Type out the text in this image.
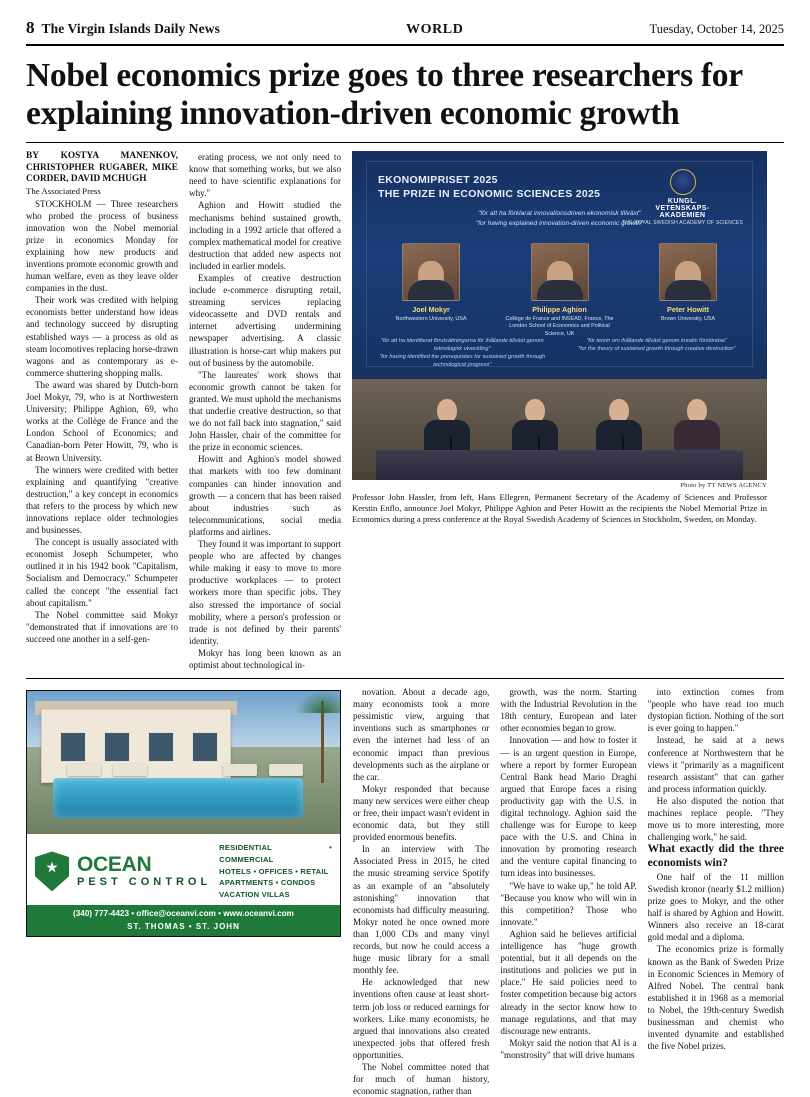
8 The Virgin Islands Daily News	WORLD	Tuesday, October 14, 2025
Nobel economics prize goes to three researchers for explaining innovation-driven economic growth

BY KOSTYA MANENKOV, CHRISTOPHER RUGABER, MIKE CORDER, DAVID MCHUGH

The Associated Press

STOCKHOLM — Three researchers who probed the process of business innovation won the Nobel memorial prize in economics Monday for explaining how new products and inventions promote economic growth and human welfare, even as they leave older companies in the dust.

Their work was credited with helping economists better understand how ideas and technology succeed by disrupting established ways — a process as old as steam locomotives replacing horse-drawn wagons and as contemporary as e-commerce shuttering shopping malls.

The award was shared by Dutch-born Joel Mokyr, 79, who is at Northwestern University; Philippe Aghion, 69, who works at the Collège de France and the London School of Economics; and Canadian-born Peter Howitt, 79, who is at Brown University.

The winners were credited with better explaining and quantifying "creative destruction," a key concept in economics that refers to the process by which new innovations replace older technologies and businesses.

The concept is usually associated with economist Joseph Schumpeter, who outlined it in his 1942 book "Capitalism, Socialism and Democracy." Schumpeter called the concept "the essential fact about capitalism."

The Nobel committee said Mokyr "demonstrated that if innovations are to succeed one another in a self-gen-

erating process, we not only need to know that something works, but we also need to have scientific explanations for why."

Aghion and Howitt studied the mechanisms behind sustained growth, including in a 1992 article that offered a complex mathematical model for creative destruction that added new aspects not included in earlier models.

Examples of creative destruction include e-commerce disrupting retail, streaming services replacing videocassette and DVD rentals and internet advertising undermining newspaper advertising. A classic illustration is horse-cart whip makers put out of business by the automobile.

"The laureates' work shows that economic growth cannot be taken for granted. We must uphold the mechanisms that underlie creative destruction, so that we do not fall back into stagnation," said John Hassler, chair of the committee for the prize in economic sciences.

Howitt and Aghion's model showed that markets with too few dominant companies can hinder innovation and growth — a concern that has been raised about industries such as telecommunications, social media platforms and airlines.

They found it was important to support people who are affected by changes while making it easy to move to more productive workplaces — to protect workers more than specific jobs. They also stressed the importance of social mobility, where a person's profession or trade is not defined by their parents' identity.

Mokyr has long been known as an optimist about technological in-

EKONOMIPRISET 2025
THE PRIZE IN ECONOMIC SCIENCES 2025
KUNGL.
VETENSKAPS-
AKADEMIEN
THE ROYAL SWEDISH ACADEMY OF SCIENCES
"för att ha förklarat innovationsdriven ekonomisk tillväxt"
"for having explained innovation-driven economic growth"
Joel Mokyr
Northwestern University, USA
Philippe Aghion
Collège de France and INSEAD, France, The London School of Economics and Political Science, UK
Peter Howitt
Brown University, USA
"för att ha identifierat förutsättningarna för ihållande tillväxt genom teknologisk utveckling"
"for having identified the prerequisites for sustained growth through technological progress"
"för teorin om ihållande tillväxt genom kreativ förstörelse"
"for the theory of sustained growth through creative destruction"
Photo by TT NEWS AGENCY
Professor John Hassler, from left, Hans Ellegren, Permanent Secretary of the Academy of Sciences and Professor Kerstin Enflo, announce Joel Mokyr, Philippe Aghion and Peter Howitt as the recipients the Nobel Memorial Prize in Economics during a press conference at the Royal Swedish Academy of Sciences in Stockholm, Sweden, on Monday.
OCEAN
PEST CONTROL
RESIDENTIAL • COMMERCIAL
HOTELS • OFFICES • RETAIL
APARTMENTS • CONDOS
VACATION VILLAS
(340) 777-4423 • office@oceanvi.com • www.oceanvi.com
ST. THOMAS • ST. JOHN

novation. About a decade ago, many economists took a more pessimistic view, arguing that inventions such as smartphones or even the internet had less of an economic impact than previous developments such as the airplane or the car.

Mokyr responded that because many new services were either cheap or free, their impact wasn't evident in economic data, but they still provided enormous benefits.

In an interview with The Associated Press in 2015, he cited the music streaming service Spotify as an example of an "absolutely astonishing" innovation that economists had difficulty measuring. Mokyr noted he once owned more than 1,000 CDs and many vinyl records, but now he could access a huge music library for a small monthly fee.

He acknowledged that new inventions often cause at least short-term job loss or reduced earnings for workers. Like many economists, he argued that innovations also created unexpected jobs that offered fresh opportunities.

The Nobel committee noted that for much of human history, economic stagnation, rather than

growth, was the norm. Starting with the Industrial Revolution in the 18th century, European and later other economies began to grow.

Innovation — and how to foster it — is an urgent question in Europe, where a report by former European Central Bank head Mario Draghi argued that Europe faces a rising productivity gap with the U.S. in digital technology. Aghion said the challenge was for Europe to keep pace with the U.S. and China in innovation by promoting research and the venture capital financing to turn ideas into businesses.

"We have to wake up," he told AP. "Because you know who will win in this competition? Those who innovate."

Aghion said he believes artificial intelligence has "huge growth potential, but it all depends on the institutions and policies we put in place." He said policies need to foster competition because big actors already in the sector know how to manage regulations, and that may discourage new entrants.

Mokyr said the notion that AI is a "monstrosity" that will drive humans

into extinction comes from "people who have read too much dystopian fiction. Nothing of the sort is ever going to happen."

Instead, he said at a news conference at Northwestern that he views it "primarily as a magnificent research assistant" that can gather and process information quickly.

He also disputed the notion that machines replace people. "They move us to more interesting, more challenging work," he said.

What exactly did the three economists win?

One half of the 11 million Swedish kronor (nearly $1.2 million) prize goes to Mokyr, and the other half is shared by Aghion and Howitt. Winners also receive an 18-carat gold medal and a diploma.

The economics prize is formally known as the Bank of Sweden Prize in Economic Sciences in Memory of Alfred Nobel. The central bank established it in 1968 as a memorial to Nobel, the 19th-century Swedish businessman and chemist who invented dynamite and established the five Nobel prizes.
